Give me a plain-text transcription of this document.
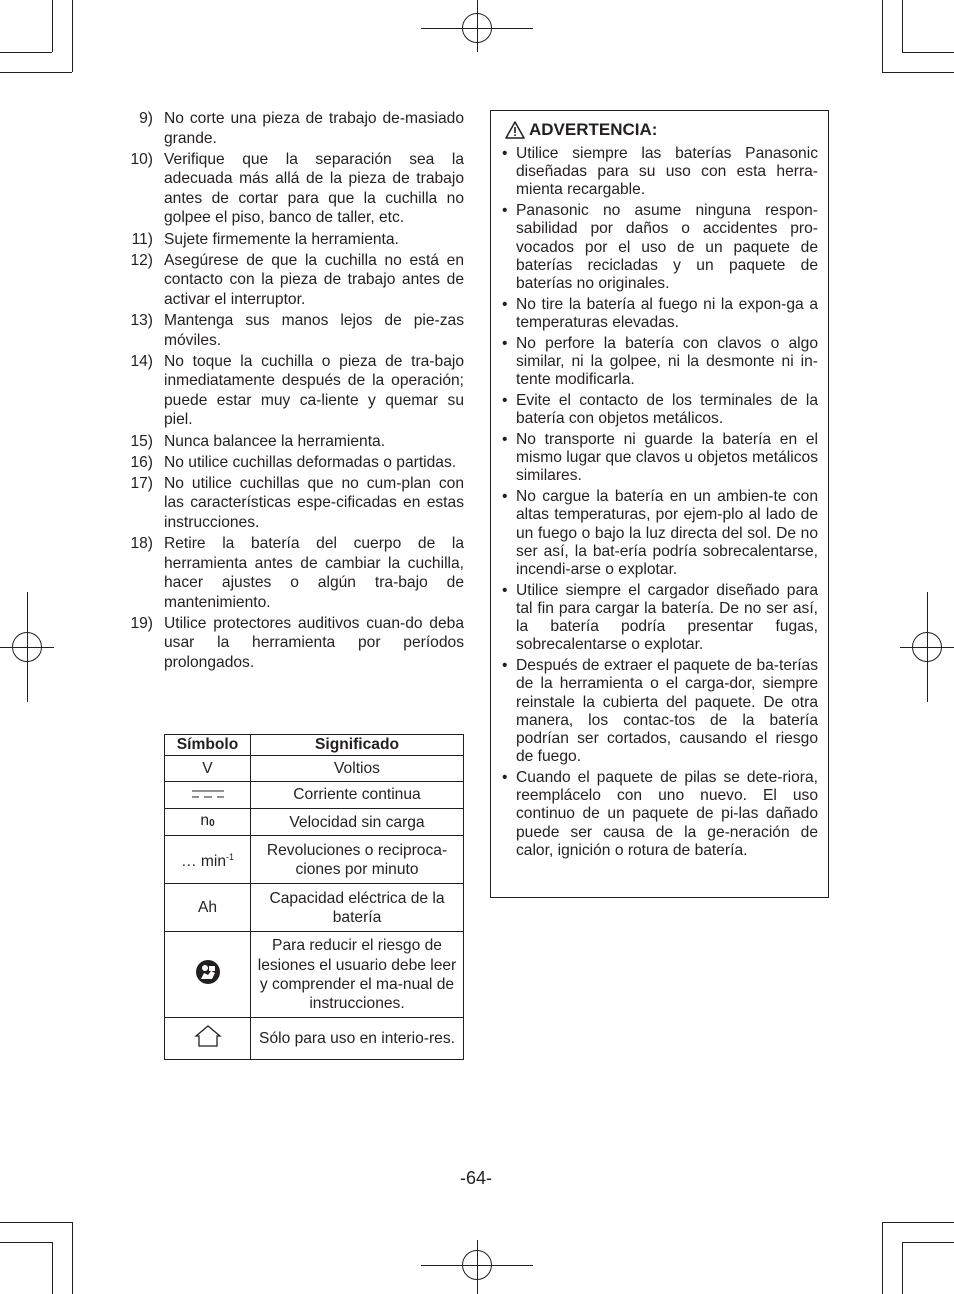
9) No corte una pieza de trabajo de-masiado grande.
10) Verifique que la separación sea la adecuada más allá de la pieza de trabajo antes de cortar para que la cuchilla no golpee el piso, banco de taller, etc.
11) Sujete firmemente la herramienta.
12) Asegúrese de que la cuchilla no está en contacto con la pieza de trabajo antes de activar el interruptor.
13) Mantenga sus manos lejos de pie-zas móviles.
14) No toque la cuchilla o pieza de tra-bajo inmediatamente después de la operación; puede estar muy ca-liente y quemar su piel.
15) Nunca balancee la herramienta.
16) No utilice cuchillas deformadas o partidas.
17) No utilice cuchillas que no cum-plan con las características espe-cificadas en estas instrucciones.
18) Retire la batería del cuerpo de la herramienta antes de cambiar la cuchilla, hacer ajustes o algún tra-bajo de mantenimiento.
19) Utilice protectores auditivos cuan-do deba usar la herramienta por períodos prolongados.
Símbolo	Significado
V	Voltios
	Corriente continua
n0	Velocidad sin carga
… $\min^{-1}$	Revoluciones o reciproca-ciones por minuto
Ah	Capacidad eléctrica de la batería
	Para reducir el riesgo de lesiones el usuario debe leer y comprender el ma-nual de instrucciones.
	Sólo para uso en interio-res.
ADVERTENCIA:
• Utilice siempre las baterías Panasonic diseñadas para su uso con esta herra-mienta recargable.
• Panasonic no asume ninguna respon-sabilidad por daños o accidentes pro-vocados por el uso de un paquete de baterías recicladas y un paquete de baterías no originales.
• No tire la batería al fuego ni la expon-ga a temperaturas elevadas.
• No perfore la batería con clavos o algo similar, ni la golpee, ni la desmonte ni in-tente modificarla.
• Evite el contacto de los terminales de la batería con objetos metálicos.
• No transporte ni guarde la batería en el mismo lugar que clavos u objetos metálicos similares.
• No cargue la batería en un ambien-te con altas temperaturas, por ejem-plo al lado de un fuego o bajo la luz directa del sol. De no ser así, la bat-ería podría sobrecalentarse, incendi-arse o explotar.
• Utilice siempre el cargador diseñado para tal fin para cargar la batería. De no ser así, la batería podría presentar fugas, sobrecalentarse o explotar.
• Después de extraer el paquete de ba-terías de la herramienta o el carga-dor, siempre reinstale la cubierta del paquete. De otra manera, los contac-tos de la batería podrían ser cortados, causando el riesgo de fuego.
• Cuando el paquete de pilas se dete-riora, reemplácelo con uno nuevo. El uso continuo de un paquete de pi-las dañado puede ser causa de la ge-neración de calor, ignición o rotura de batería.
-64-
